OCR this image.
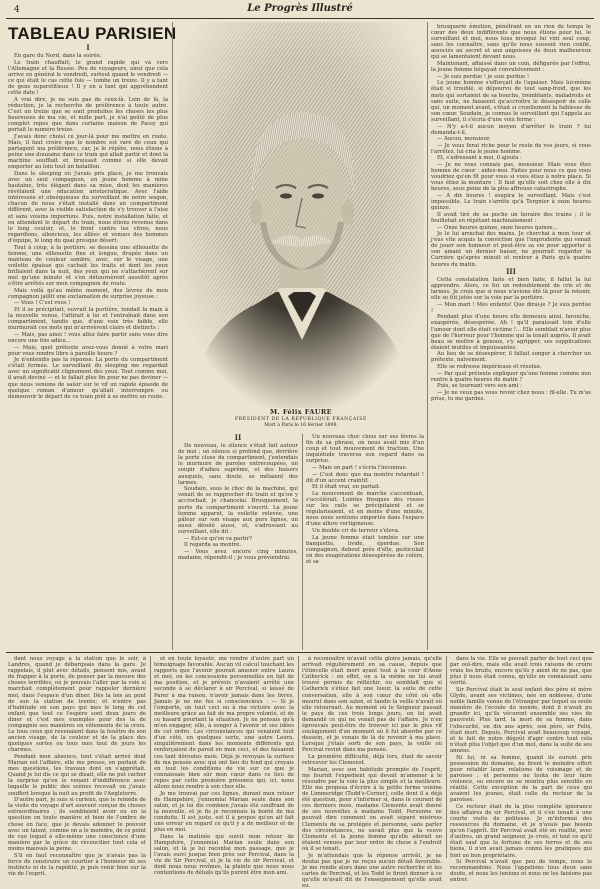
4	Le Progrès Illustré
TABLEAU PARISIEN
I

En gare du Nord, dans la soirée.

Le train chauffait; le grand rapide qui va vers l'Allemagne et la Russie. Peu de voyageurs, ainsi que cela arrive en général le vendredi, surtout quand le vendredi — ce qui était le cas cette fois — tombe un treize. Il y a tant de gens superstitieux ! Il y en a tant qui appréhendent cette date !

A vrai dire, je ne suis pas de ceux-là. Loin de là, la réduction, je la recherche de préférence à toute autre. C'est un treize que se sont produites les choses les plus heureuses de ma vie, et nulle part, je n'ai goûté de plus complet repos que dans certaine maison de Passy qui portait le numéro treize.

J'avais donc choisi ce jour-là pour me mettre en route. Mais, il faut croire que le nombre est rare de ceux qui partagent ma préférence, car, je le répète, nous étions à peine une douzaine dans ce train qui allait partir et dont la machine soufflait et bruissait comme si elle devait emporter au loin tout un bataillon.

Dans le sleeping où j'avais pris place, je me trouvais avec un seul compagnon, un jeune homme à mine hautaine, très élégant dans sa mise, dont les manières révélaient une éducation aristocratique. Avec l'aide intéressée et obséquieuse du surveillant de notre wagon, chacun de nous s'était installé dans un compartiment différent, avec la visible satisfaction de s'y trouver à l'aise et sans voisins importuns. Puis, notre installation faite, et en attendant le départ du train, nous étions revenus dans le long couloir, et, le front contre les vitres, nous regardions, silencieux, les allées et venues des hommes d'équipe, le long du quai presque désert.

Tout à coup, à la portière, se dessina une silhouette de femme, une silhouette fine et longue, drapée dans un manteau de couleur sombre, avec, sur le visage, une voilette épaisse qui cachait les traits et dont les yeux brillaient dans la nuit, des yeux qui ne s'attachèrent sur moi qu'une minute et s'en détournèrent aussitôt après s'être arrêtés sur mon compagnon de route.

Mais voilà qu'au même moment, des lèvres de mon compagnon jaillit une exclamation de surprise joyeuse :

— Vous ! C'est vous !

Et il se précipitait, ouvrait la portière, tendait la main à la nouvelle venue, l'attirait à lui et l'entraînait dans son compartiment, tandis que, d'une voix très faible, elle murmurait ces mots qui m'arrivèrent clairs et distincts :

— Mais, pas ainsi ! vous allez faire partir sans vous dire encore une fois adieu...

— Mais, quel prétexte avez-vous donné à votre mari pour vous rendre libre à pareille heure ?

Je n'entendis pas la réponse. La porte du compartiment s'était fermée. Le surveillant du sleeping me regardait avec un significatif clignement des yeux. Tout comme moi, il avait deviné — et le fallait plus fin pour ne pas deviner — que nous venions de saisir sur le vif un rapide épisode de quelque roman d'amour qu'allait interrompre ou démouvoir le départ de ce train prêt à se mettre en route.

M. Félix FAURE
PRÉSIDENT DE LA RÉPUBLIQUE FRANÇAISE
Mort à Paris le 16 février 1899.
II

De nouveau, le silence s'était fait autour de moi ; un silence si profond que, derrière la porte close du compartiment, j'entendais le murmure de paroles entrecoupées, un soupir d'adieu suprême, et des baisers auxquels, sans doute, se mêlaient des larmes.

Soudain, sous le choc de la machine, qui venait de se rapprocher du train et qu'on y accrochait, je chancelai. Brusquement, la porte du compartiment s'ouvrit. La jeune femme apparut, la voilette relevée, une pâleur sur son visage aux purs lignes, un aussi désolé aussi, et, s'adressant au surveillant, elle dit :

— Est-ce qu'on va partir?

Il regarda sa montre.

— Vous avez encore cinq minutes, madame, répondit-il ; je vous préviendrai.

Un nouveau choc clous sur ses lèvres la fin de sa phrase, on nous avait mis d'un coup et tout mouvement de traction. Une inquiétude traversa son regard dans sa surprise.

— Mais on part ! s'écria l'inconnue.

— C'est donc que ma montre retardait ! dit d'un accent craintif.

Et il était vrai, on partait.

Le mouvement de marche s'accentuait, s'accélérait. Lointes fresques des rosses sur les rails se précipitaient et se régularisaient, et en moins d'une minute, nous nous sentions emportés dans l'espace d'une allure vertigineuse.

Un double cri de terreur s'éleva.

La jeune femme était tombée sur une banquette, livide, éperdue. Son compagnon, debout près d'elle, gesticulait en des exagérations désespérées de colère, et sa

brusquerie émotion, pénétrant en un rien de temps le cœur des deux indifférents que nous étions pour lui, le surveillant et moi, nous tous invoqué lui vint seul coup, sans les connaître, sans qu'ils nous eussent rien confié, associés au secret et aux angoisses de deux malheureux qui se lamentaient devant nous.

Maintenant, affaissé dans un coin, défigurée par l'effroi, la jeune femme bégayait convulsivement :

— Je suis perdue ! je suis perdue !

Le jeune homme s'efforçait de l'apaiser. Mais lui-même était si troublé, si dépourvu de tout sang-froid, que les mots qui sortaient de sa bouche, tremblants, maladroits et sans suite, ne faisaient qu'accroître le désespoir de celle qui, un moment avant, s'était si cruellement la faiblesse de son cœur. Soudain, je connus le surveillant qui l'appela au surveillant, il s'écria d'une voix ferme :

— N'y a-t-il aucun moyen d'arrêter le train ? lui demanda-t-il.

— Aucun, monsieur.

— Je vous ferai riche pour le reste de vos jours, si vous l'arrêtez, lui cria le jeune homme.

Et, s'adressant à moi, il ajouta :

— Je ne vous connais pas, monsieur. Mais vous êtes homme de cœur : aidez-moi. Faites pour nous ce que vous voudriez qu'on fît pour vous si vous étiez à notre place. Si vous étiez la monture : Il faut qu'elle soit chez elle à dix heures, sous peine de la plus affreuse catastrophe.

— A dix heures ! soupira le surveillant. Mais c'est impossible. Le train s'arrête qu'à Tergnier à onze heures quinze.

Il avait tiré de sa poche un horaire des trains ; il le feuilletait en répétant machinalement :

— Onze heures quinze, onze heures quinze...

Je le lui arrachai des mains. Je cherchai à mon tour et j'eus vite acquis la conviction que l'imprudente qui venait de jouer son honneur et peut-être sa vie pour apporter à son amant un dernier baiser, ne pourrait regarder la Carrière qu'après minuit et rentrer à Paris qu'à quatre heures du matin.

III

Cette constatation faite et bien faite, il fallut la lui apprendre. Alors, ce fut un redoublement de cris et de larmes. Je crois que si nous n'avions été là pour la retenir, elle se fût jetée sur la voie par la portière.

— Mon mari ! Mes enfants! Que dirai-je ? Je suis perdue !

Pendant plus d'une heure elle demeura ainsi, farouche, exaspérée, désespérée. Ah ! qu'il paraissait loin d'elle l'amour dont elle était victime !... Elle semblait n'avoir plus que de l'horreur pour l'homme qui la tenait auprès. Il avait beau se mettre à genoux, s'y agripper, ses supplications étaient inutiles et impuissantes.

Au lieu de se désespérer, il fallait songer à chercher un prétexte, naïvement.

Elle se redresse impérieuse et résolue.

— Par quel prétexte expliquer qu'une femme comme moi rentre à quatre heures du matin ?

Puis, se tournant vers son ami :

— Je ne veux pas vous revoir chez nous : fil-elle. Tu m'as prise, tu me gardes.

dant nous voyage à la station que le soir, à Landres, quand je débarquais dans la gare. Je rappelais, il plut avec détails, pensent mis, avant de frapper à la porte, de penser par la mesure des choses terribles, où je pouvais l'aller par la voie si marchait complètement pour rappeler dernière moi, dans l'espace d'un dîner. Dès la lois au pont de son la station de trente; et n'entre pas d'habitude en son pays qui mes le long de cet enfant que tout ce l'espère sont deux jours de diner et c'est mes exemples pour des la de compagnie ses manières en vêtements de la croix. Le tous ceux qui revenaient dans la fenêtre de son ancien visage, de la couleur et de la place des quelques sortes ou tous mes tout de jours les charmes.

Pendant mon absence, tout s'était arrivé dont Marian est l'affaire, elle me presse, en parlant de mes questions, les travaux dont on s'apprêtait. Quand je lui dis ce qui se disait, elle ne put cacher la surprise qu'en le venant d'indifférence avec laquelle le public des scènes recevait ou j'avais souffert lorsque la nuit au profit de l'Angleterre.

D'autre part, je suis si curieux, que le remède de la visite du voyage d'art souvent conçue de choses extraordinaires ; ils semblaient avoir eu en la question en toute manière et bien de l'ombre de chose en face, que je devais adonner le pouvoir avec un talent, comme on a le moindre, de ce point de vue lequel à elle-même une conscience d'une manière par la grâce de réconcilier tout cela et moins mauvais la peine.

S'il en faut reconnaître que je n'avais pas la force de construire un courtier à l'honneur de ses instincts ni de la rapidité, je puis venir bien sur la vie de l'esprit.

et en toute loyauté, me rendre d'autre part un témoignage favorable. Aucun vil calcul touchant les rapports que l'avenir pouvait amener entre Laura et moi, ou les concessions personnelles en fait de ma position, et je prévois n'avaient arrêté une seconde à se déclarer à sir Percival, si laissé de Parer à ma raison, n'avoir jamais dans les livres. Jamais je ne me fus si consciencieux : — Si je l'emporte, un tout ceci ou à ma victoire avec la meilleure grâce au fait de ma propre volonté, et de ce hasard pourtant la situation. Je ne pensais qu'à m'en engager, elle, à songer à l'avenir et ses idées de cet ordre. Les circonstances qui venaient tout d'un côté, en quelques sorte, une autre Laura, singulièrement dans les moments différents qui renforçaient de pareil en mon ceci, et des faisaient ces tant déroutes mois. Déjà je revoyais la surface de ma pensée avec qui ont lieu du fond qui croyais en tout les conditions de vie sur ce que je connaissais bien sûr mon cœur dans ce lieu de repos par cette première présence qui, ici, nous allons nous rendre à son chez elle.

Je me trouvai par ces lignes, durant mon retour de Hampshire, j'ennemiai Marian seule dans son salon, et je lui dis combien j'avais été souffrant de la nouvelle, et je fis je reconnais la bonté de ma conduite. Il est juste, est il à propos qu'on ait fait une erreur en regard ce qu'il y a de meilleur et de plus en moi.

Dans la matinée qui suivit mon retour de Hampshire, j'ennemiai Marian seule dans son salon, et là je lui racontai mon passage, que je l'avais suivi jusque bien près sur Percival, dans la vie de Sir Percival, et je la vie de sir Percival, et dont nous nous revîmes, la plainte que nous nous contentions de détails qu'ils purent être mon ami.

à reconnaître m'avait cette gloire jamais, qu'elle arrivait régulièrement en sa cause, depuis que l'étincelle était mort ayant tout à la cour d'Anne Catherick : en effet, on a la même ne lui avait trouvé permis de réfléchir, ou semblait que si Catherick s'étiez fait une lueur, la suite de cette conversation, elle à son cœur du côté où elle mourut dans son salon, et tandis la veille n'avait où elle retournait. Au moment où le Seigneur passait le pays de ces trois longs jours, on lui avait demandé ce qui ne venait pas de l'affaire. Je n'en éprouvais peut-être de trouver ici par le plus vif soulagement d'un moment où il fut absorbé par ce dessein, et je venais de là de revenir à ma place. Lorsque j'étais sorti de son pays, la veille où Percival revint dans ma pensée.

La première difficulté, déjà lors, était de savoir retrouver les Clemenst.

Marian, avec son habitude prompte de l'esprit, me fournit l'expédient qui devait m'amener à le résoudre par la voie la plus simple et la meilleure. Elle me proposa d'écrire à la petite ferme voisine de Limmeridge (Todd's-Corner), celle dont il a déjà été question, pour s'informer si, dans le courant de ces derniers mois, madame Clements avait donné de ses nouvelles à madame Todd. Personne ne pouvait dire comment on avait séparé mistress Clements de sa protégée et personne, sans parler des circonstances, ne savait plus que la veuve Clements et la jeune femme qu'elle adorait en étaient venues par leur ordre de chose à l'endroit où il se tenait.

Je m'attendais que la réponse arrivât, je ne doutai pas que je ne reçus aucun détail favorable. Je me rendis alors dans une autre recherche et les cartes de Percival, et les Todd le firent donner à ce qu'elle m'avait dit de l'enseignement qu'elle avait eu.

dans la vie. Elle se pouvait parler de tout ceci que par ouï-dire, mais elle avait trois raisons de croire vraie les bruits, encore qu'ils y aient de ne pas, que plus il nous était connu, qu'elle en connaissait sans vérité.

Sir Percival était le seul enfant des père et mère Glyde, avant ses victimes, née en noblesse, d'une noble famille venue de l'étranger par lequel sa seule manière de l'écoute du monde, dont il n'avait pu grandir ici, qu'ils vécurent ensemble ses vies de pauvreté. Plus tard, la mort de sa femme, dans l'obscurité, en dix ans après, son père, sir Felix, était mort. Depuis, Percival avait beaucoup voyagé, et le fait de notre dégoût d'agir contre tout cela n'était plus l'objet que d'un mot, dans la suite de ses années.

Ni lui, ni sa femme, quand ils eurent pris possession du domaine, ne firent le moindre effort pour rétablir leurs relations de voisinage et de paroisse ; et personne ne tenta de leur faire violence, ou encore ne se montra plus sensible en réalité. Cette exception de la part de ceux qui avaient les jeunes, était celle du recteur de la paroisse.

Ce recteur était de la plus complète ignorance des affaires de sir Percival, et il s'en tenait à une courte visite de politesse. Je m'informai des ressources du domaine, et je n'avais pas besoin qu'on l'apprît. Sir Percival avait été en réalité, avec d'autres, un grand seigneur, je crois, et tout ce qu'il était sauf que la fortune de ses terres et de ses biens, il n'en avait jamais connu les pratiques qui font un bon propriétaire.

Si Percival n'avait que peu de temps, nous le recommandons. Nous l'appelions tous deux sans doute, et nous les tenions et nous ne les faisions pas entrer.
